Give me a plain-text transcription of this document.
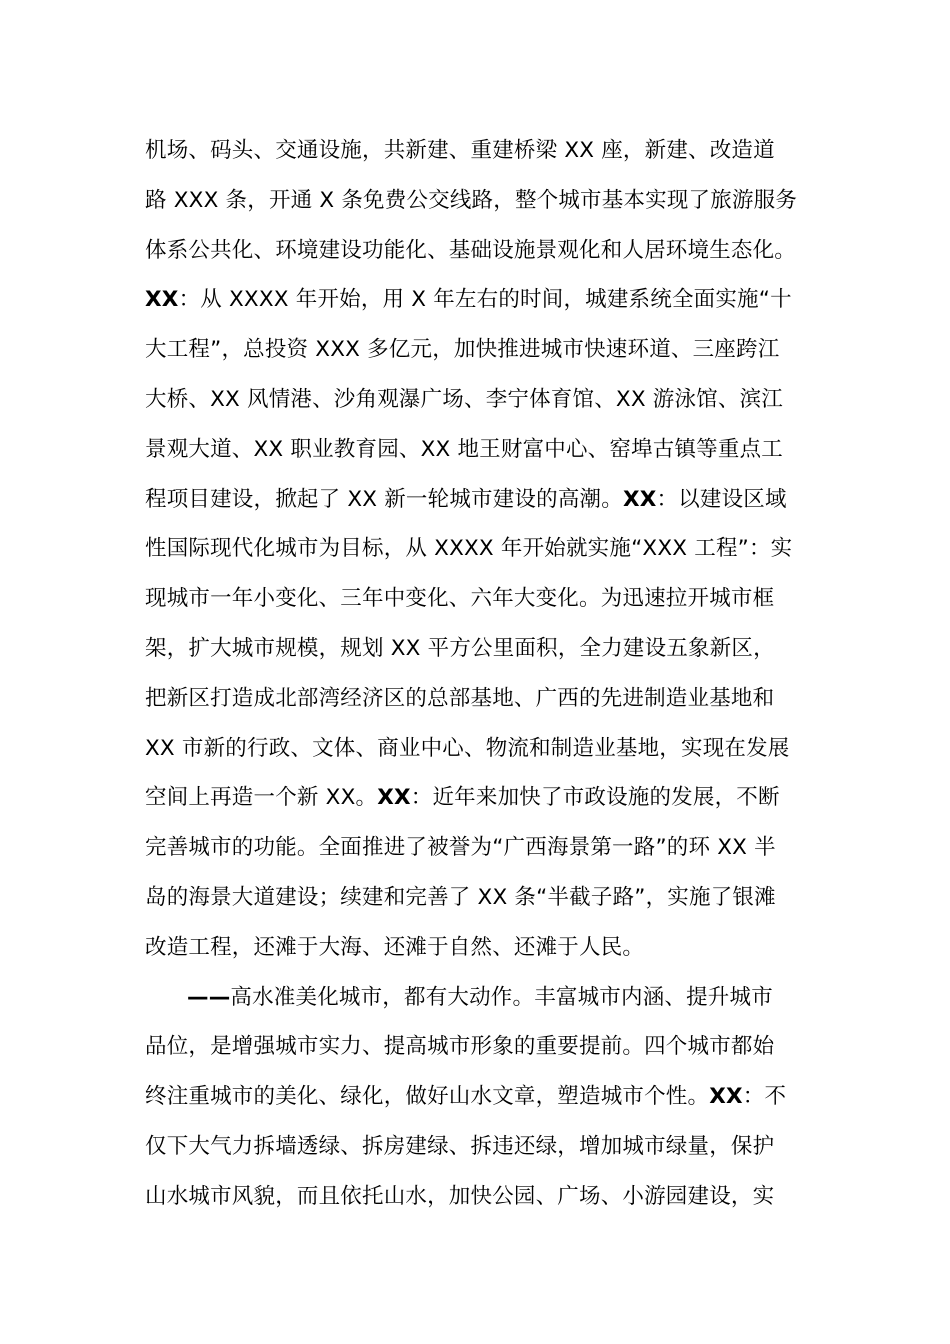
机场、码头、交通设施，共新建、重建桥梁 XX 座，新建、改造道
路 XXX 条，开通 X 条免费公交线路，整个城市基本实现了旅游服务
体系公共化、环境建设功能化、基础设施景观化和人居环境生态化。
XX：从 XXXX 年开始，用 X 年左右的时间，城建系统全面实施“十
大工程”，总投资 XXX 多亿元，加快推进城市快速环道、三座跨江
大桥、XX 风情港、沙角观瀑广场、李宁体育馆、XX 游泳馆、滨江
景观大道、XX 职业教育园、XX 地王财富中心、窑埠古镇等重点工
程项目建设，掀起了 XX 新一轮城市建设的高潮。XX：以建设区域
性国际现代化城市为目标，从 XXXX 年开始就实施“XXX 工程”：实
现城市一年小变化、三年中变化、六年大变化。为迅速拉开城市框
架，扩大城市规模，规划 XX 平方公里面积，全力建设五象新区，
把新区打造成北部湾经济区的总部基地、广西的先进制造业基地和
XX 市新的行政、文体、商业中心、物流和制造业基地，实现在发展
空间上再造一个新 XX。XX：近年来加快了市政设施的发展，不断
完善城市的功能。全面推进了被誉为“广西海景第一路”的环 XX 半
岛的海景大道建设；续建和完善了 XX 条“半截子路”，实施了银滩
改造工程，还滩于大海、还滩于自然、还滩于人民。
——高水准美化城市，都有大动作。丰富城市内涵、提升城市
品位，是增强城市实力、提高城市形象的重要提前。四个城市都始
终注重城市的美化、绿化，做好山水文章，塑造城市个性。XX：不
仅下大气力拆墙透绿、拆房建绿、拆违还绿，增加城市绿量，保护
山水城市风貌，而且依托山水，加快公园、广场、小游园建设，实
